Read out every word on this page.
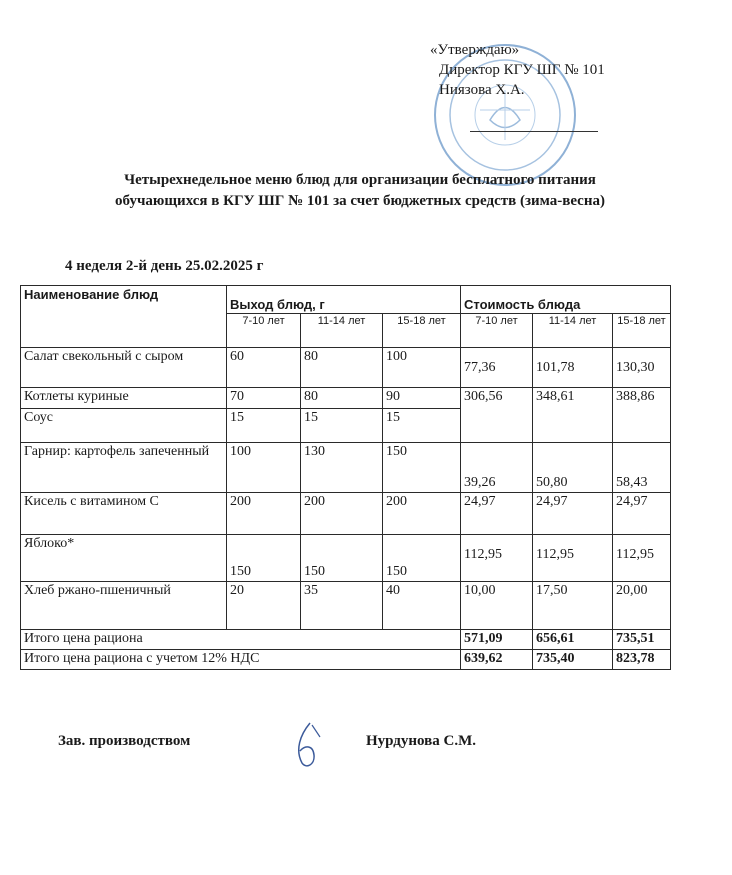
«Утверждаю»
Директор КГУ ШГ № 101
Ниязова Х.А.
Четырехнедельное меню блюд для организации бесплатного питания
обучающихся в КГУ ШГ № 101 за счет бюджетных средств (зима-весна)
4 неделя 2-й день 25.02.2025 г
Наименование блюд	Выход блюд, г			Стоимость блюда		
	7-10 лет	11-14 лет	15-18 лет	7-10 лет	11-14 лет	15-18 лет
Салат свекольный с сыром	60	80	100	77,36	101,78	130,30
Котлеты куриные	70	80	90	306,56	348,61	388,86
Соус	15	15	15			
Гарнир: картофель запеченный	100	130	150	39,26	50,80	58,43
Кисель с витамином С	200	200	200	24,97	24,97	24,97
Яблоко*	150	150	150	112,95	112,95	112,95
Хлеб ржано-пшеничный	20	35	40	10,00	17,50	20,00
Итого цена рациона				571,09	656,61	735,51
Итого цена рациона с учетом 12% НДС				639,62	735,40	823,78
Зав. производством	Нурдунова С.М.
